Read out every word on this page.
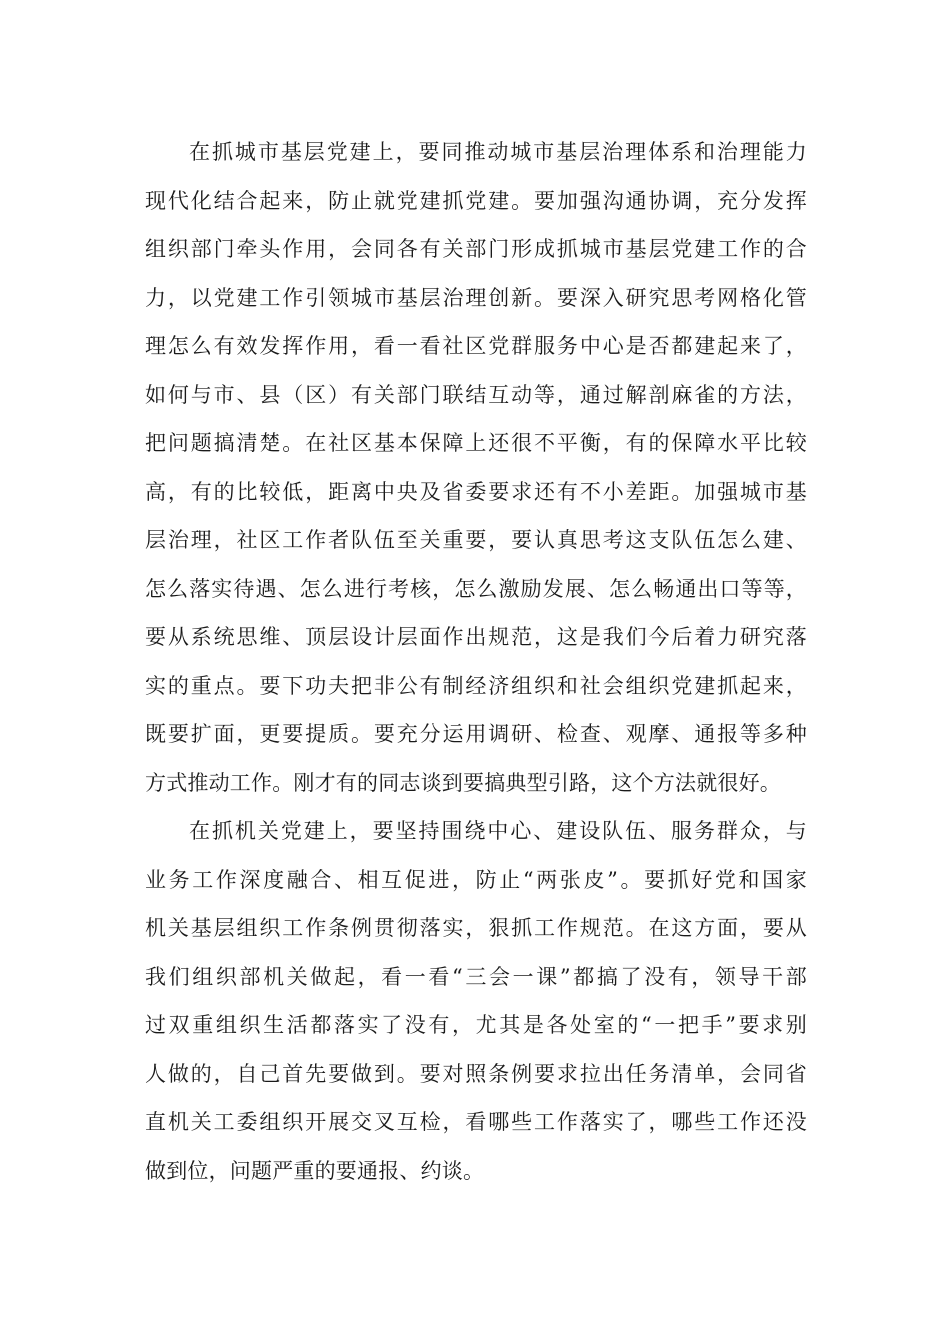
在抓城市基层党建上，要同推动城市基层治理体系和治理能力
现代化结合起来，防止就党建抓党建。要加强沟通协调，充分发挥
组织部门牵头作用，会同各有关部门形成抓城市基层党建工作的合
力，以党建工作引领城市基层治理创新。要深入研究思考网格化管
理怎么有效发挥作用，看一看社区党群服务中心是否都建起来了，
如何与市、县（区）有关部门联结互动等，通过解剖麻雀的方法，
把问题搞清楚。在社区基本保障上还很不平衡，有的保障水平比较
高，有的比较低，距离中央及省委要求还有不小差距。加强城市基
层治理，社区工作者队伍至关重要，要认真思考这支队伍怎么建、
怎么落实待遇、怎么进行考核，怎么激励发展、怎么畅通出口等等，
要从系统思维、顶层设计层面作出规范，这是我们今后着力研究落
实的重点。要下功夫把非公有制经济组织和社会组织党建抓起来，
既要扩面，更要提质。要充分运用调研、检查、观摩、通报等多种
方式推动工作。刚才有的同志谈到要搞典型引路，这个方法就很好。
在抓机关党建上，要坚持围绕中心、建设队伍、服务群众，与
业务工作深度融合、相互促进，防止“两张皮”。要抓好党和国家
机关基层组织工作条例贯彻落实，狠抓工作规范。在这方面，要从
我们组织部机关做起，看一看“三会一课”都搞了没有，领导干部
过双重组织生活都落实了没有，尤其是各处室的“一把手”要求别
人做的，自己首先要做到。要对照条例要求拉出任务清单，会同省
直机关工委组织开展交叉互检，看哪些工作落实了，哪些工作还没
做到位，问题严重的要通报、约谈。
